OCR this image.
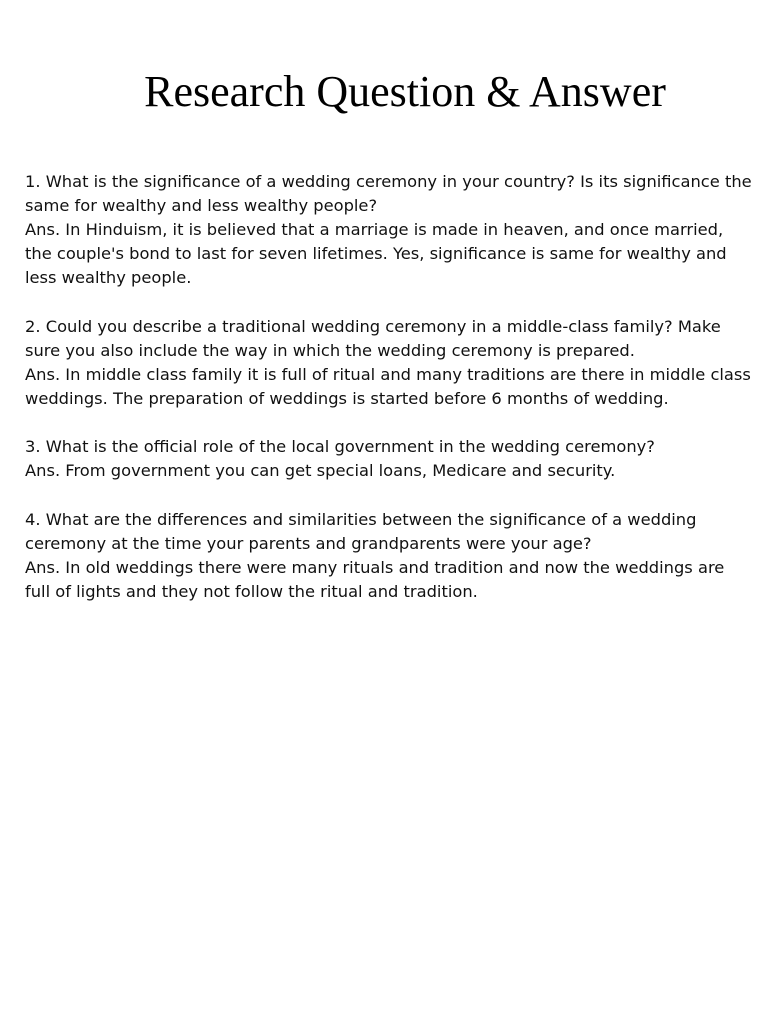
Research Question & Answer

1. What is the significance of a wedding ceremony in your country? Is its significance the same for wealthy and less wealthy people?

Ans. In Hinduism, it is believed that a marriage is made in heaven, and once married, the couple's bond to last for seven lifetimes. Yes, significance is same for wealthy and less wealthy people.

2. Could you describe a traditional wedding ceremony in a middle-class family? Make sure you also include the way in which the wedding ceremony is prepared.

Ans. In middle class family it is full of ritual and many traditions are there in middle class weddings. The preparation of weddings is started before 6 months of wedding.

3. What is the official role of the local government in the wedding ceremony?

Ans. From government you can get special loans, Medicare and security.

4. What are the differences and similarities between the significance of a wedding ceremony at the time your parents and grandparents were your age?

Ans. In old weddings there were many rituals and tradition and now the weddings are full of lights and they not follow the ritual and tradition.
